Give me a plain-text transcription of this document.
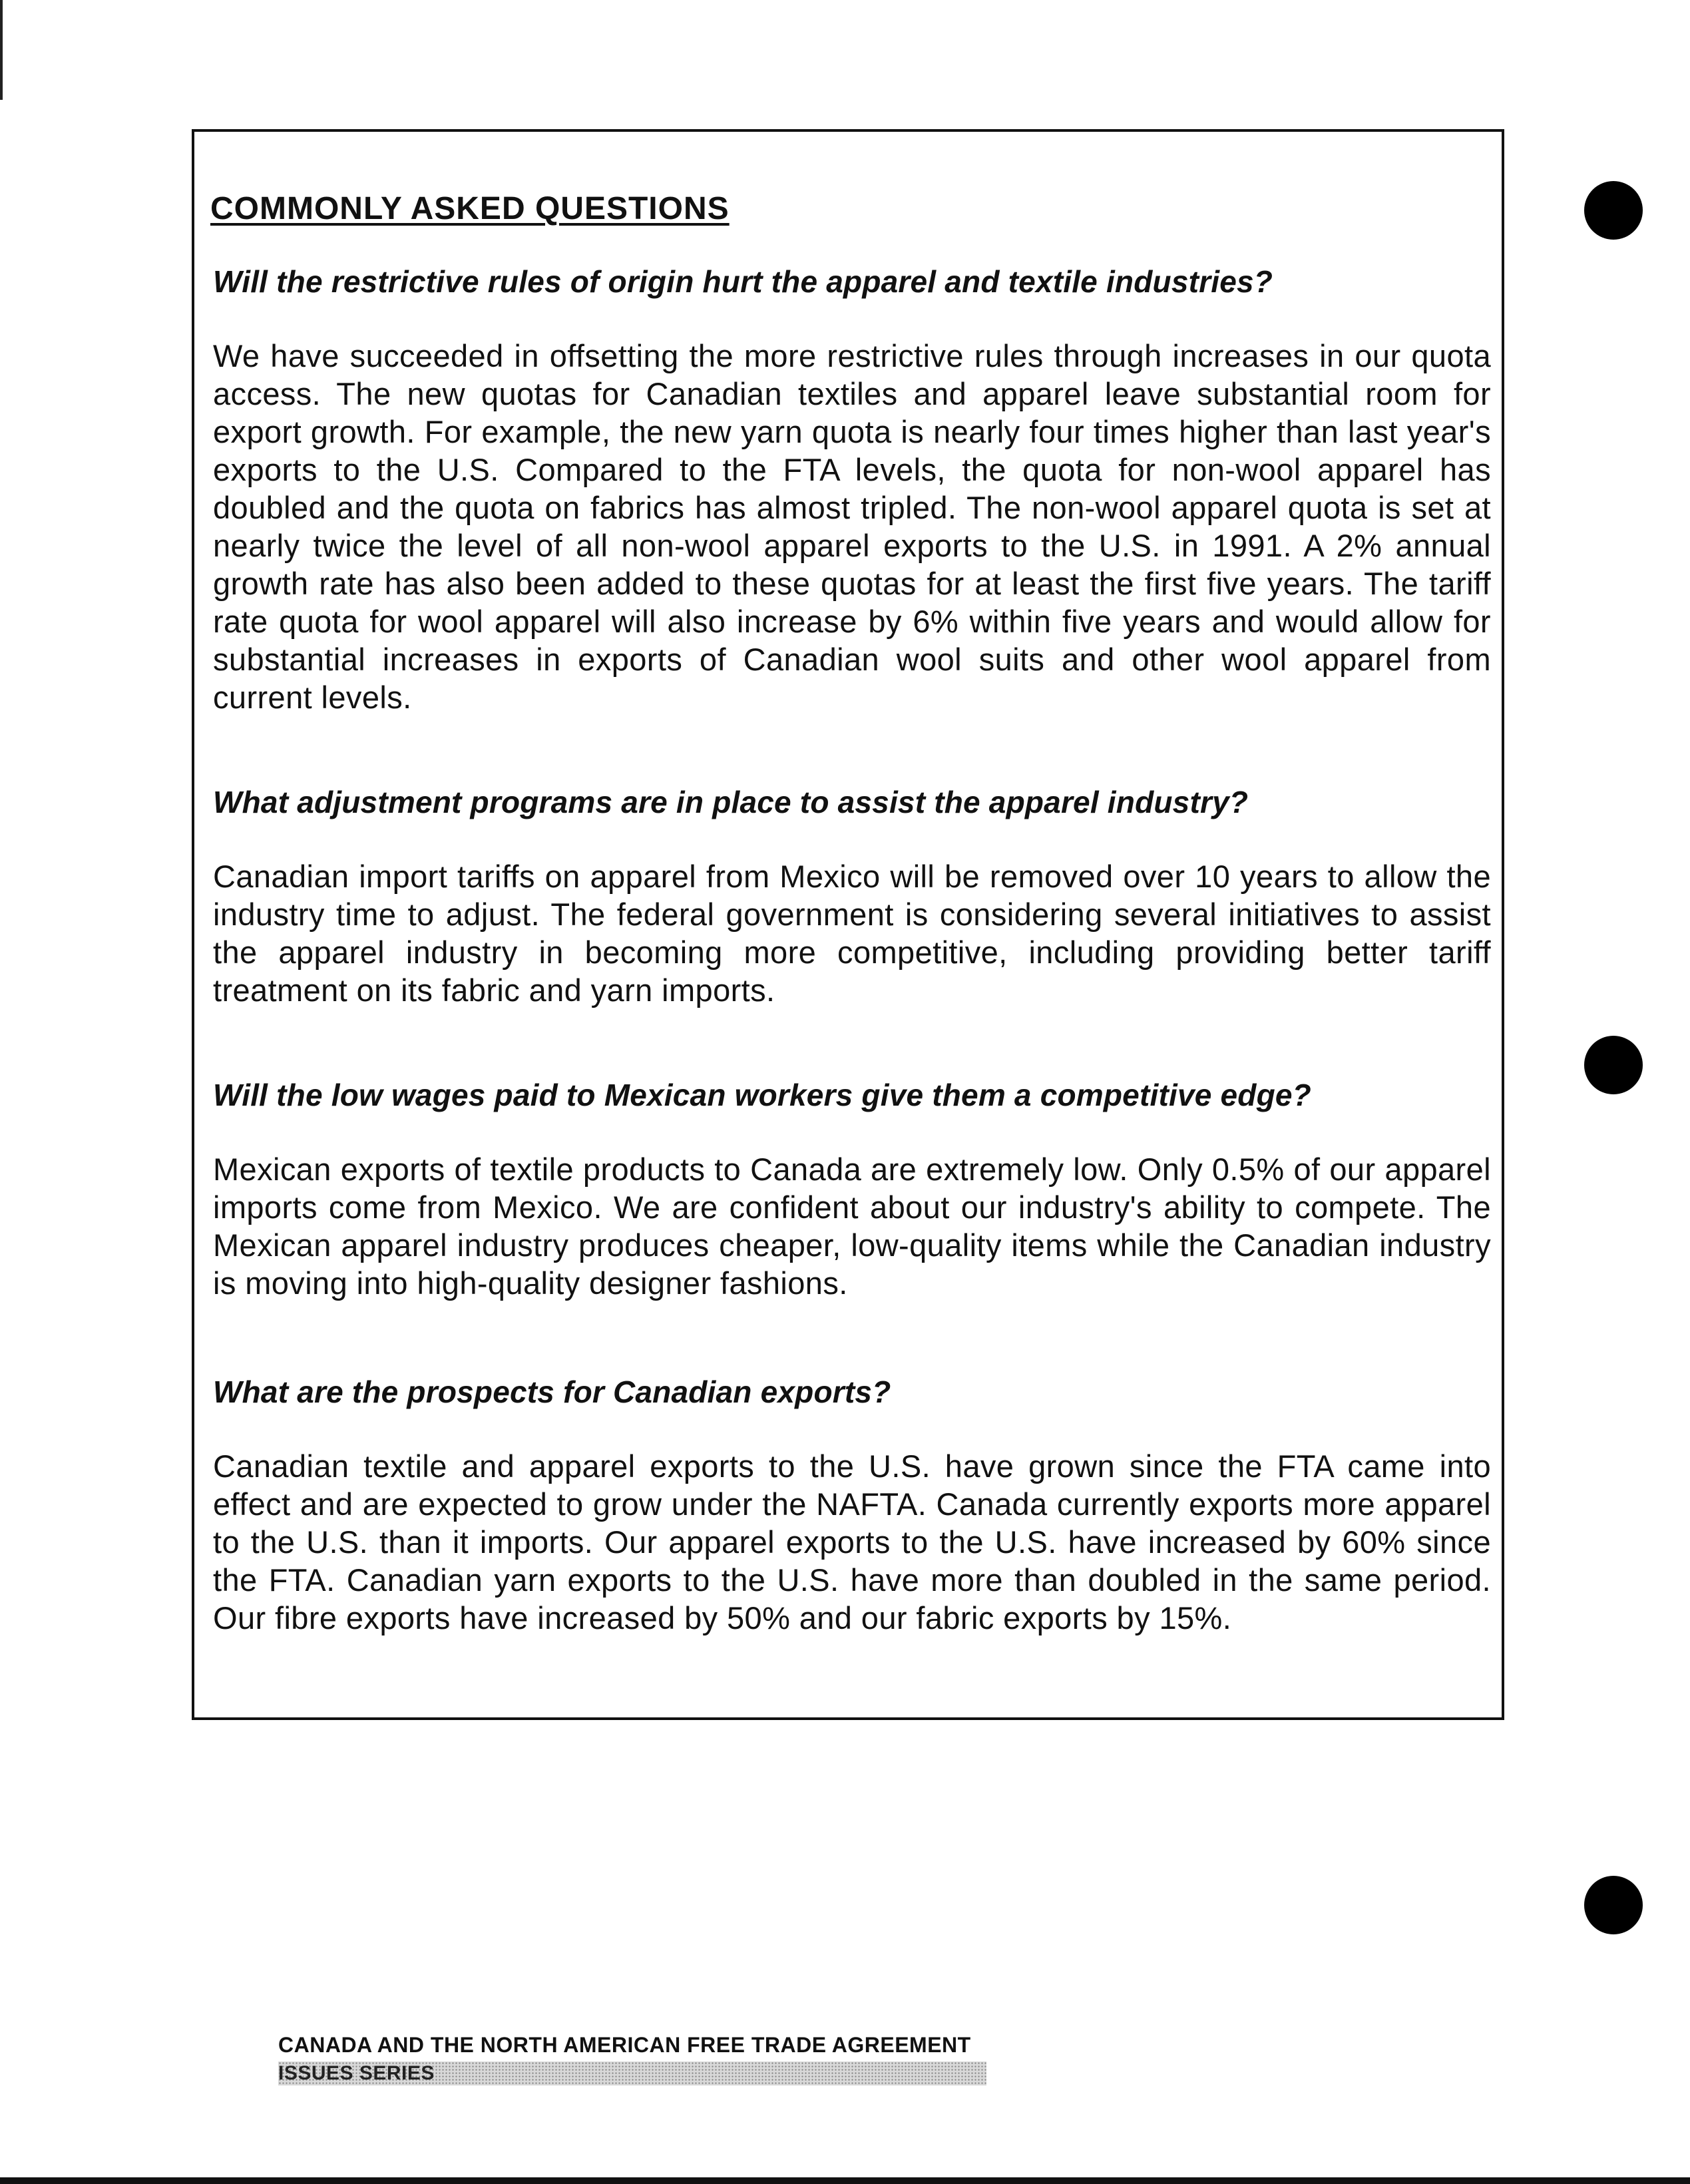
COMMONLY ASKED QUESTIONS

Will the restrictive rules of origin hurt the apparel and textile industries?

We have succeeded in offsetting the more restrictive rules through increases in our quota access. The new quotas for Canadian textiles and apparel leave substantial room for export growth. For example, the new yarn quota is nearly four times higher than last year's exports to the U.S. Compared to the FTA levels, the quota for non-wool apparel has doubled and the quota on fabrics has almost tripled. The non-wool apparel quota is set at nearly twice the level of all non-wool apparel exports to the U.S. in 1991. A 2% annual growth rate has also been added to these quotas for at least the first five years. The tariff rate quota for wool apparel will also increase by 6% within five years and would allow for substantial increases in exports of Canadian wool suits and other wool apparel from current levels.

What adjustment programs are in place to assist the apparel industry?

Canadian import tariffs on apparel from Mexico will be removed over 10 years to allow the industry time to adjust. The federal government is considering several initiatives to assist the apparel industry in becoming more competitive, including providing better tariff treatment on its fabric and yarn imports.

Will the low wages paid to Mexican workers give them a competitive edge?

Mexican exports of textile products to Canada are extremely low. Only 0.5% of our apparel imports come from Mexico. We are confident about our industry's ability to compete. The Mexican apparel industry produces cheaper, low-quality items while the Canadian industry is moving into high-quality designer fashions.

What are the prospects for Canadian exports?

Canadian textile and apparel exports to the U.S. have grown since the FTA came into effect and are expected to grow under the NAFTA. Canada currently exports more apparel to the U.S. than it imports. Our apparel exports to the U.S. have increased by 60% since the FTA. Canadian yarn exports to the U.S. have more than doubled in the same period. Our fibre exports have increased by 50% and our fabric exports by 15%.

CANADA AND THE NORTH AMERICAN FREE TRADE AGREEMENT

ISSUES SERIES
